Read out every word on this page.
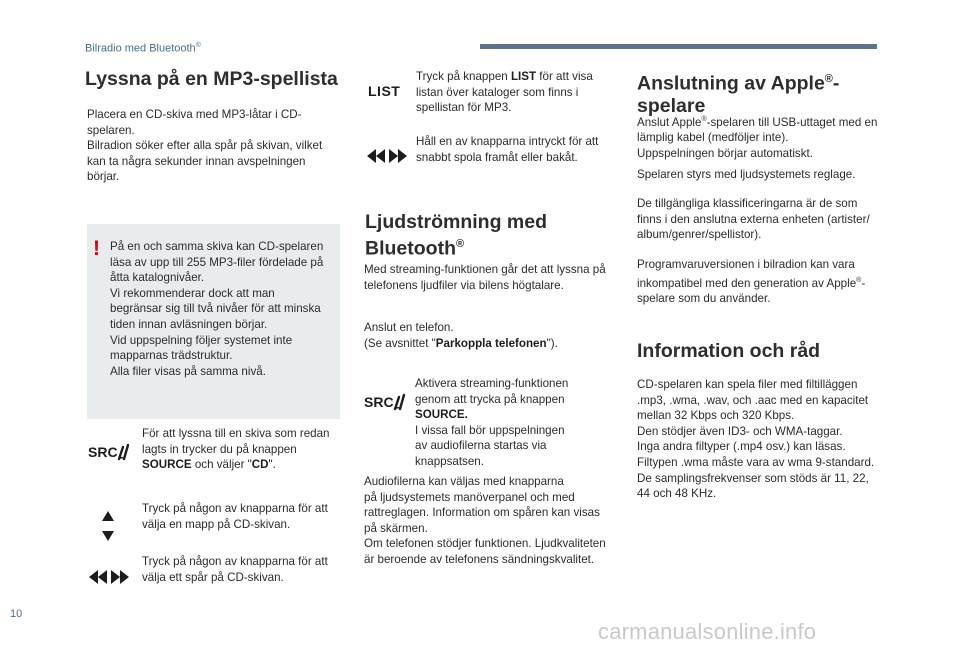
Bilradio med Bluetooth®
Lyssna på en MP3-spellista

Placera en CD-skiva med MP3-låtar i CD-

spelaren.

Bilradion söker efter alla spår på skivan, vilket

kan ta några sekunder innan avspelningen

börjar.

! På en och samma skiva kan CD-spelaren

läsa av upp till 255 MP3-filer fördelade på

åtta katalognivåer.

Vi rekommenderar dock att man

begränsar sig till två nivåer för att minska

tiden innan avläsningen börjar.

Vid uppspelning följer systemet inte

mapparnas trädstruktur.

Alla filer visas på samma nivå.

SRC

För att lyssna till en skiva som redan

lagts in trycker du på knappen

SOURCE och väljer "CD".

Tryck på någon av knapparna för att

välja en mapp på CD-skivan.

Tryck på någon av knapparna för att

välja ett spår på CD-skivan.

LIST

Tryck på knappen LIST för att visa

listan över kataloger som finns i

spellistan för MP3.

Håll en av knapparna intryckt för att

snabbt spola framåt eller bakåt.

Ljudströmning med
Bluetooth®

Med streaming-funktionen går det att lyssna på

telefonens ljudfiler via bilens högtalare.

Anslut en telefon.

(Se avsnittet "Parkoppla telefonen").

SRC

Aktivera streaming-funktionen

genom att trycka på knappen

SOURCE.

I vissa fall bör uppspelningen

av audiofilerna startas via

knappsatsen.

Audiofilerna kan väljas med knapparna

på ljudsystemets manöverpanel och med

rattreglagen. Information om spåren kan visas

på skärmen.

Om telefonen stödjer funktionen. Ljudkvaliteten

är beroende av telefonens sändningskvalitet.

Anslutning av Apple®-
spelare

Anslut Apple®-spelaren till USB-uttaget med en

lämplig kabel (medföljer inte).

Uppspelningen börjar automatiskt.

Spelaren styrs med ljudsystemets reglage.

De tillgängliga klassificeringarna är de som

finns i den anslutna externa enheten (artister/

album/genrer/spellistor).

Programvaruversionen i bilradion kan vara

inkompatibel med den generation av Apple®-

spelare som du använder.

Information och råd

CD-spelaren kan spela filer med filtilläggen

.mp3, .wma, .wav, och .aac med en kapacitet

mellan 32 Kbps och 320 Kbps.

Den stödjer även ID3- och WMA-taggar.

Inga andra filtyper (.mp4 osv.) kan läsas.

Filtypen .wma måste vara av wma 9-standard.

De samplingsfrekvenser som stöds är 11, 22,

44 och 48 KHz.

10
carmanualsonline.info
